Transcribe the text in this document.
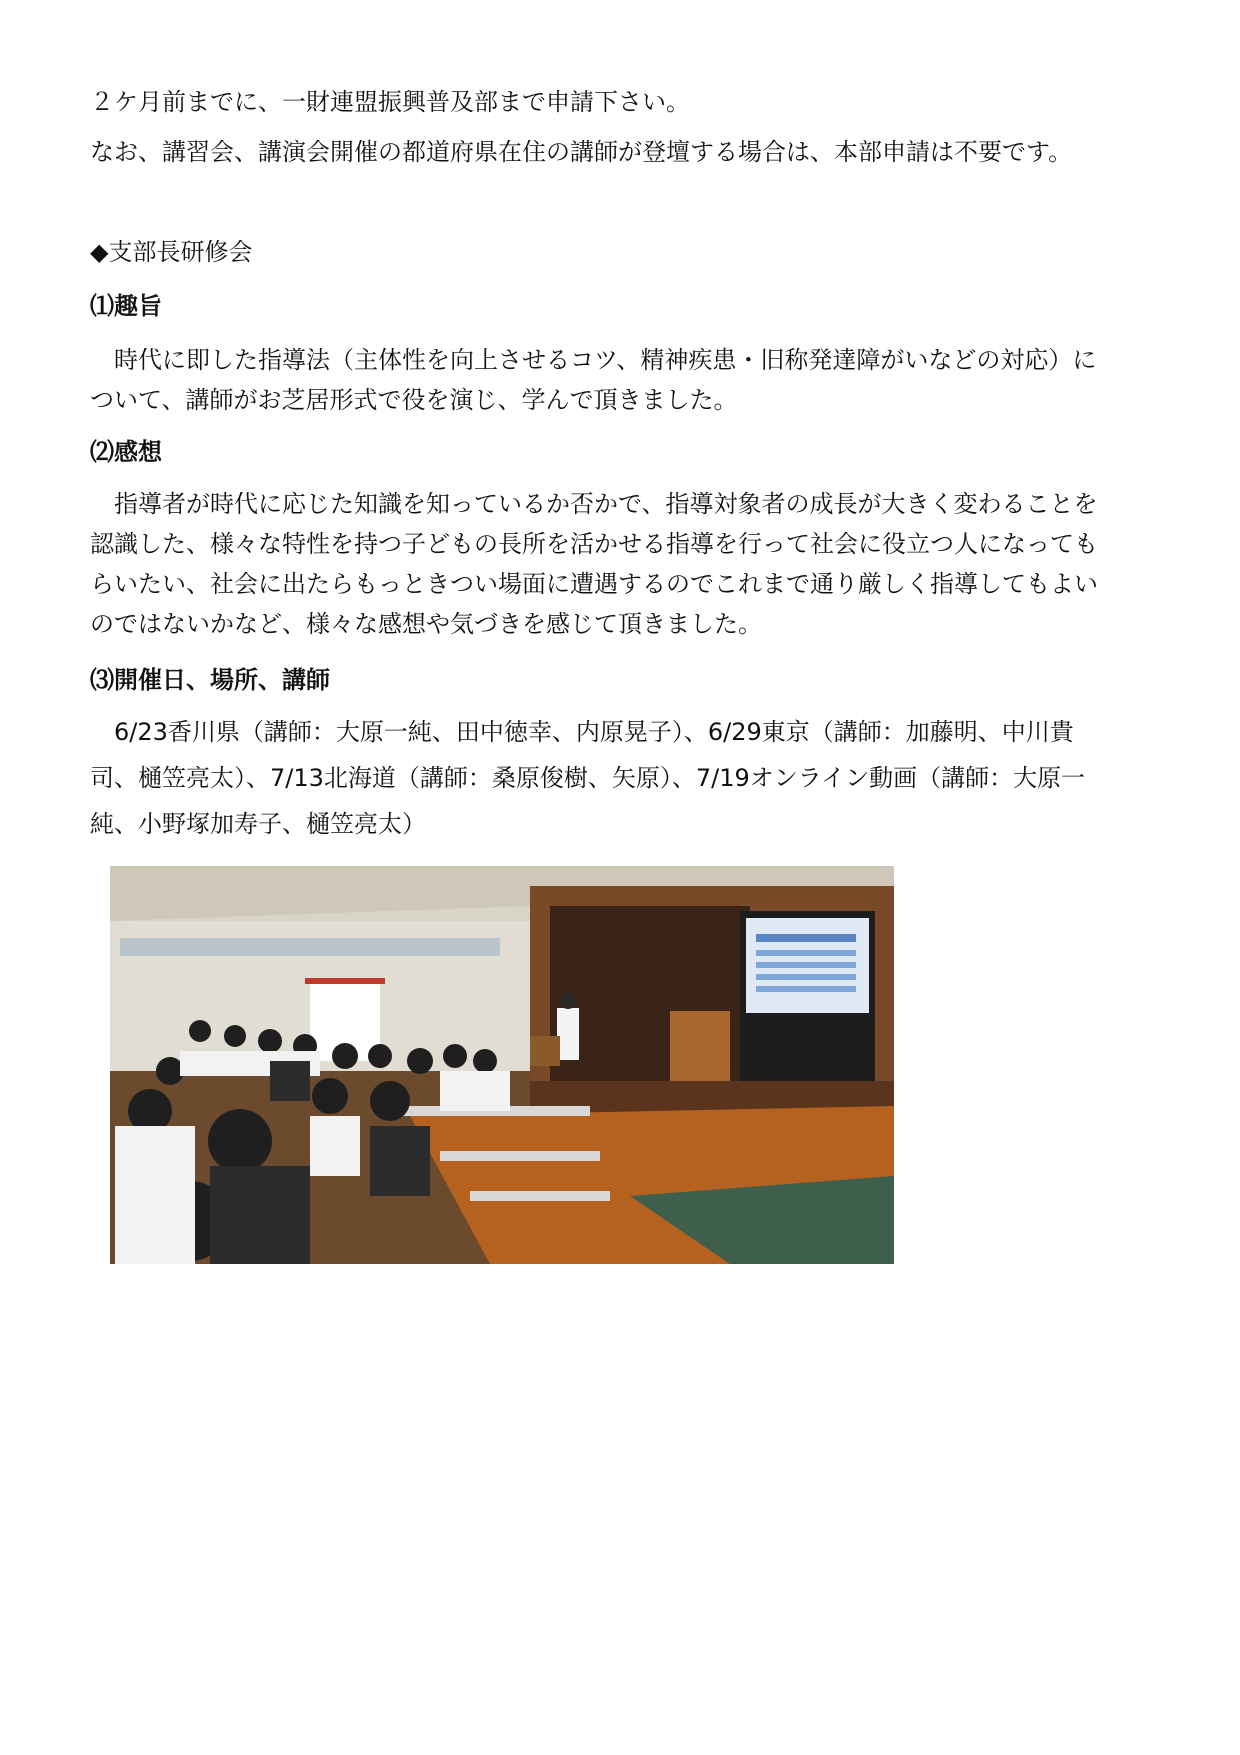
２ケ月前までに、一財連盟振興普及部まで申請下さい。
なお、講習会、講演会開催の都道府県在住の講師が登壇する場合は、本部申請は不要です。
◆支部長研修会
⑴趣旨
　時代に即した指導法（主体性を向上させるコツ、精神疾患・旧称発達障がいなどの対応）に
ついて、講師がお芝居形式で役を演じ、学んで頂きました。
⑵感想
　指導者が時代に応じた知識を知っているか否かで、指導対象者の成長が大きく変わることを
認識した、様々な特性を持つ子どもの長所を活かせる指導を行って社会に役立つ人になっても
らいたい、社会に出たらもっときつい場面に遭遇するのでこれまで通り厳しく指導してもよい
のではないかなど、様々な感想や気づきを感じて頂きました。
⑶開催日、場所、講師
　6/23香川県（講師：大原一純、田中徳幸、内原晃子）、6/29東京（講師：加藤明、中川貴
司、樋笠亮太）、7/13北海道（講師：桑原俊樹、矢原）、7/19オンライン動画（講師：大原一
純、小野塚加寿子、樋笠亮太）
